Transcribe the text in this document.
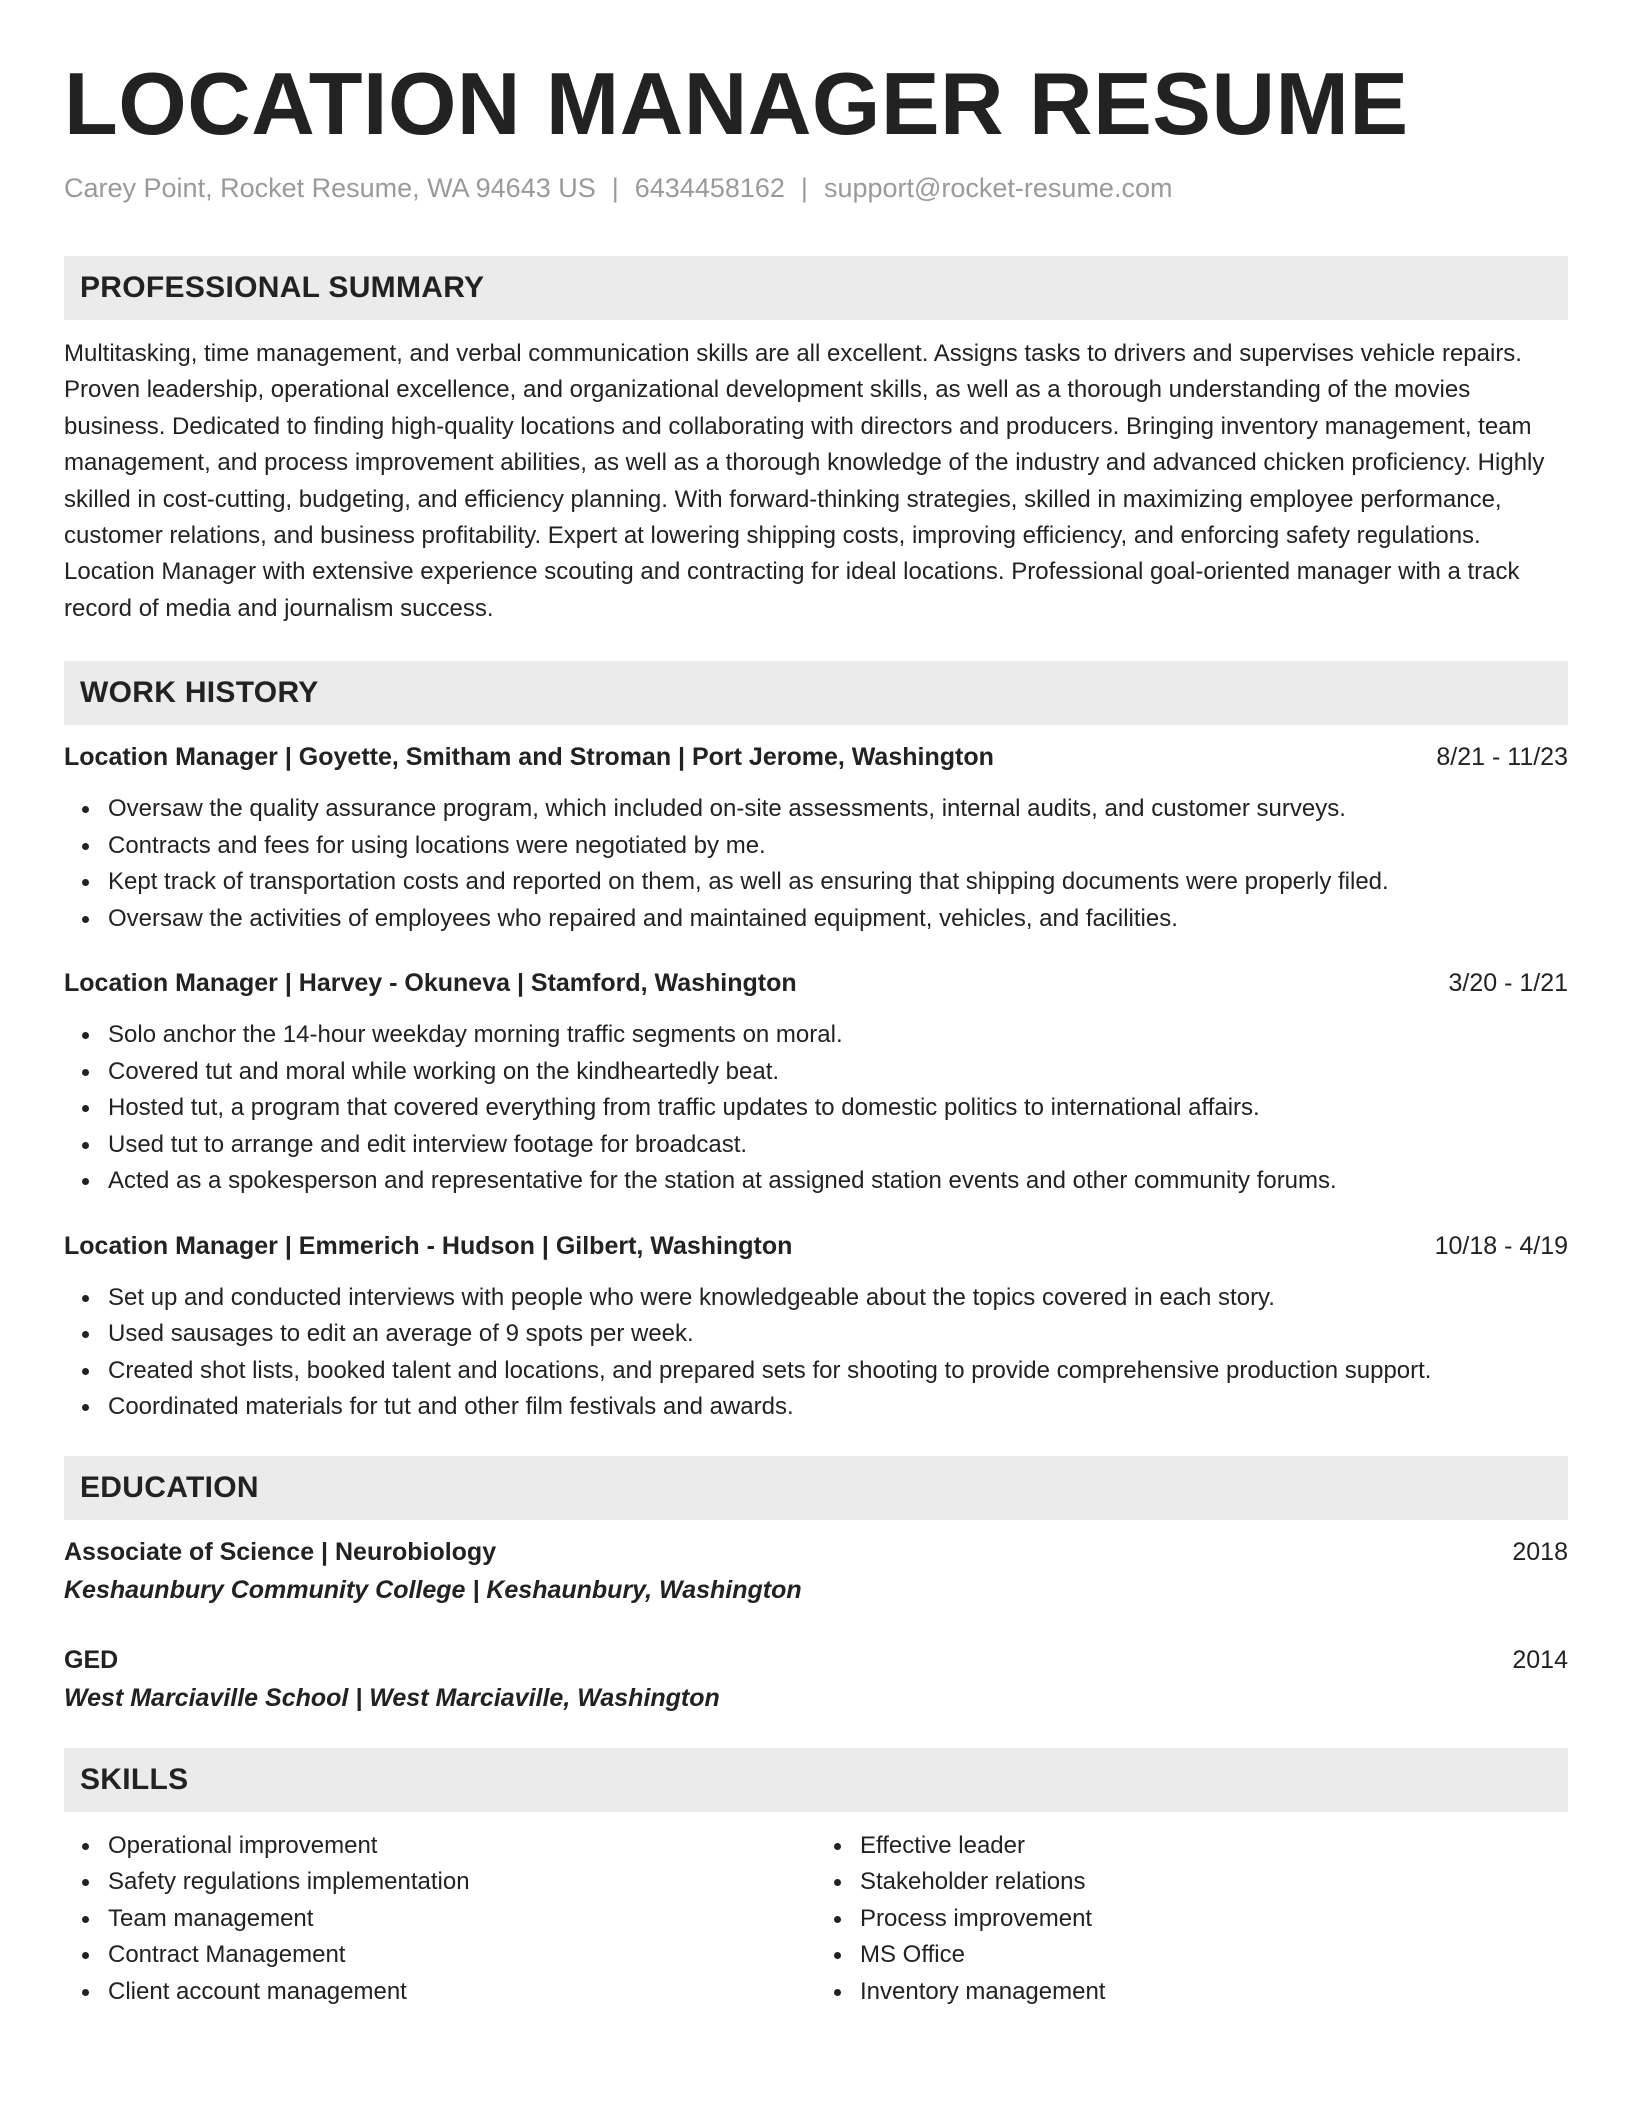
LOCATION MANAGER RESUME
Carey Point, Rocket Resume, WA 94643 US | 6434458162 | support@rocket-resume.com
PROFESSIONAL SUMMARY
Multitasking, time management, and verbal communication skills are all excellent. Assigns tasks to drivers and supervises vehicle repairs. Proven leadership, operational excellence, and organizational development skills, as well as a thorough understanding of the movies business. Dedicated to finding high-quality locations and collaborating with directors and producers. Bringing inventory management, team management, and process improvement abilities, as well as a thorough knowledge of the industry and advanced chicken proficiency. Highly skilled in cost-cutting, budgeting, and efficiency planning. With forward-thinking strategies, skilled in maximizing employee performance, customer relations, and business profitability. Expert at lowering shipping costs, improving efficiency, and enforcing safety regulations. Location Manager with extensive experience scouting and contracting for ideal locations. Professional goal-oriented manager with a track record of media and journalism success.
WORK HISTORY
Location Manager | Goyette, Smitham and Stroman | Port Jerome, Washington	8/21 - 11/23
Oversaw the quality assurance program, which included on-site assessments, internal audits, and customer surveys.
Contracts and fees for using locations were negotiated by me.
Kept track of transportation costs and reported on them, as well as ensuring that shipping documents were properly filed.
Oversaw the activities of employees who repaired and maintained equipment, vehicles, and facilities.
Location Manager | Harvey - Okuneva | Stamford, Washington	3/20 - 1/21
Solo anchor the 14-hour weekday morning traffic segments on moral.
Covered tut and moral while working on the kindheartedly beat.
Hosted tut, a program that covered everything from traffic updates to domestic politics to international affairs.
Used tut to arrange and edit interview footage for broadcast.
Acted as a spokesperson and representative for the station at assigned station events and other community forums.
Location Manager | Emmerich - Hudson | Gilbert, Washington	10/18 - 4/19
Set up and conducted interviews with people who were knowledgeable about the topics covered in each story.
Used sausages to edit an average of 9 spots per week.
Created shot lists, booked talent and locations, and prepared sets for shooting to provide comprehensive production support.
Coordinated materials for tut and other film festivals and awards.
EDUCATION
Associate of Science | Neurobiology	2018
Keshaunbury Community College | Keshaunbury, Washington
GED	2014
West Marciaville School | West Marciaville, Washington
SKILLS
Operational improvement
Safety regulations implementation
Team management
Contract Management
Client account management
Effective leader
Stakeholder relations
Process improvement
MS Office
Inventory management
